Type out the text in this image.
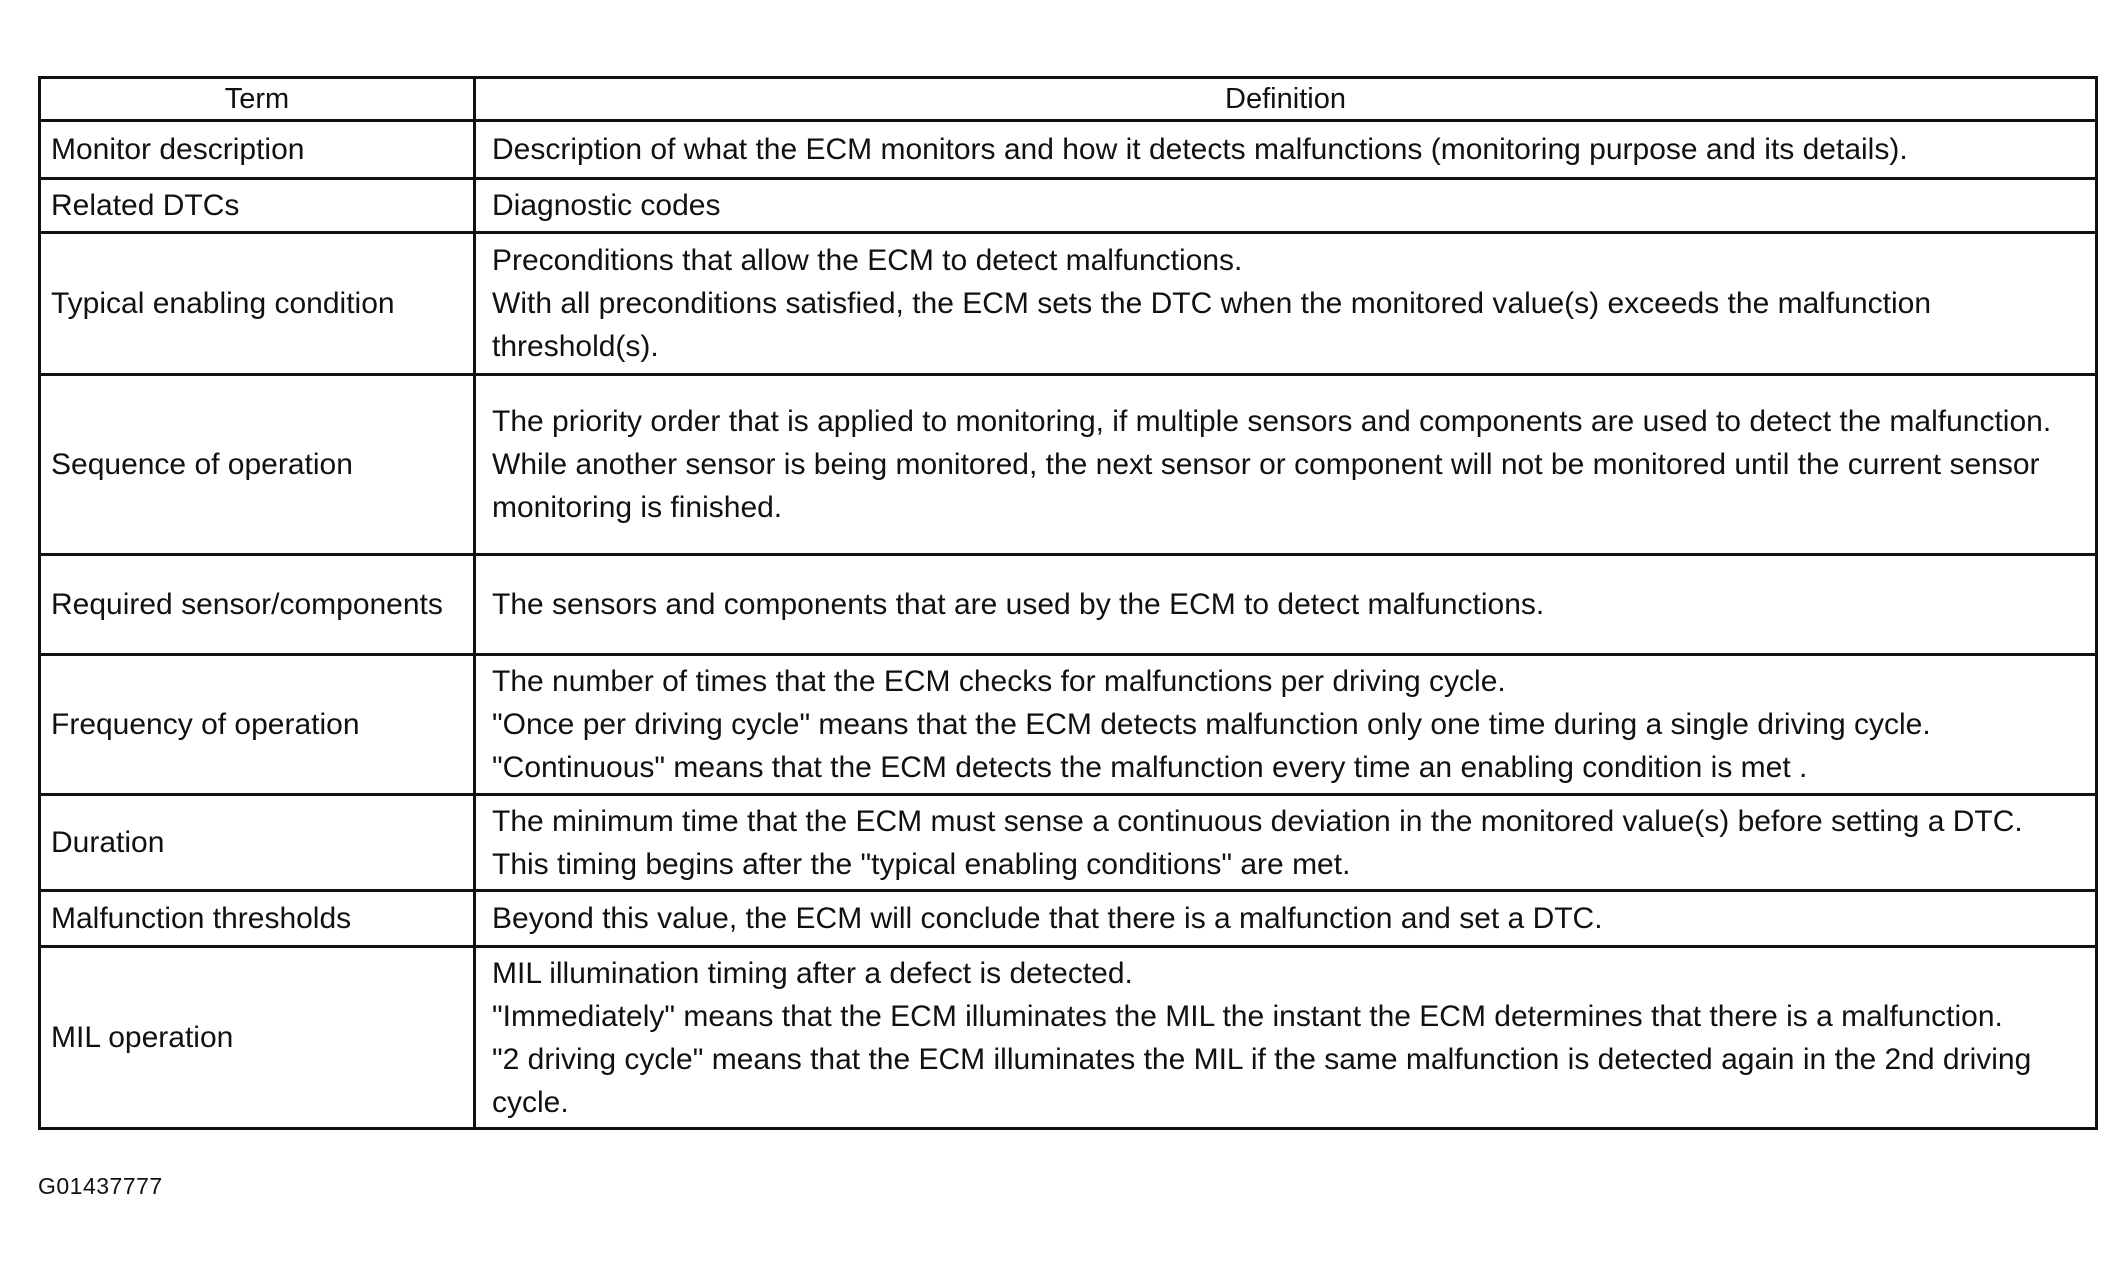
Term	Definition
Monitor description	Description of what the ECM monitors and how it detects malfunctions (monitoring purpose and its details).

Related DTCs	Diagnostic codes

Typical enabling condition	Preconditions that allow the ECM to detect malfunctions.
With all preconditions satisfied, the ECM sets the DTC when the monitored value(s) exceeds the malfunction threshold(s).

Sequence of operation	The priority order that is applied to monitoring, if multiple sensors and components are used to detect the malfunction.
While another sensor is being monitored, the next sensor or component will not be monitored until the current sensor monitoring is finished.

Required sensor/components	The sensors and components that are used by the ECM to detect malfunctions.

Frequency of operation	The number of times that the ECM checks for malfunctions per driving cycle.
"Once per driving cycle" means that the ECM detects malfunction only one time during a single driving cycle.
"Continuous" means that the ECM detects the malfunction every time an enabling condition is met .

Duration	The minimum time that the ECM must sense a continuous deviation in the monitored value(s) before setting a DTC. This timing begins after the "typical enabling conditions" are met.

Malfunction thresholds	Beyond this value, the ECM will conclude that there is a malfunction and set a DTC.

MIL operation	MIL illumination timing after a defect is detected.
"Immediately" means that the ECM illuminates the MIL the instant the ECM determines that there is a malfunction.
"2 driving cycle" means that the ECM illuminates the MIL if the same malfunction is detected again in the 2nd driving cycle.
G01437777
